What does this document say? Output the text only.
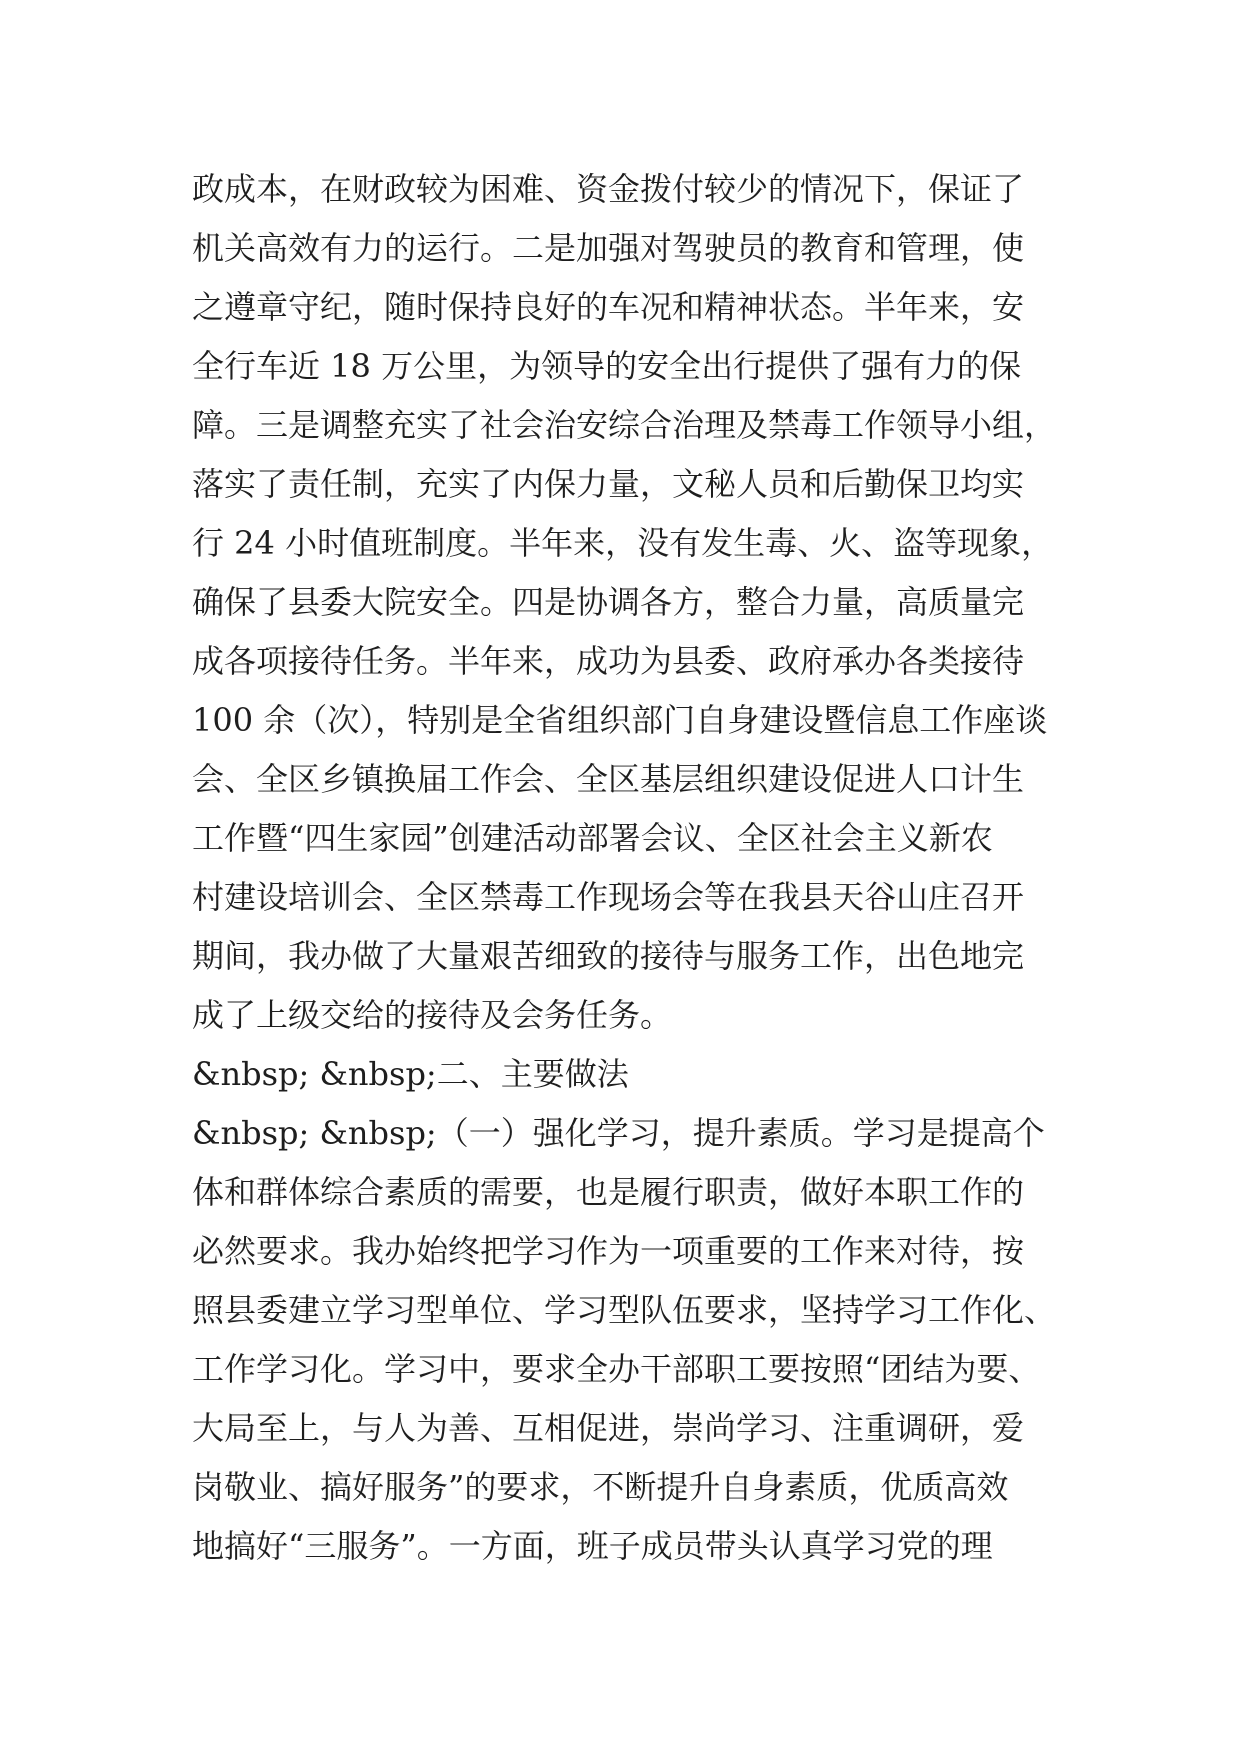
政成本，在财政较为困难、资金拨付较少的情况下，保证了
机关高效有力的运行。二是加强对驾驶员的教育和管理，使
之遵章守纪，随时保持良好的车况和精神状态。半年来，安
全行车近 18 万公里，为领导的安全出行提供了强有力的保
障。三是调整充实了社会治安综合治理及禁毒工作领导小组，
落实了责任制，充实了内保力量，文秘人员和后勤保卫均实
行 24 小时值班制度。半年来，没有发生毒、火、盗等现象，
确保了县委大院安全。四是协调各方，整合力量，高质量完
成各项接待任务。半年来，成功为县委、政府承办各类接待
100 余（次），特别是全省组织部门自身建设暨信息工作座谈
会、全区乡镇换届工作会、全区基层组织建设促进人口计生
工作暨“四生家园”创建活动部署会议、全区社会主义新农
村建设培训会、全区禁毒工作现场会等在我县天谷山庄召开
期间，我办做了大量艰苦细致的接待与服务工作，出色地完
成了上级交给的接待及会务任务。
&nbsp; &nbsp;二、主要做法
&nbsp; &nbsp;（一）强化学习，提升素质。学习是提高个
体和群体综合素质的需要，也是履行职责，做好本职工作的
必然要求。我办始终把学习作为一项重要的工作来对待，按
照县委建立学习型单位、学习型队伍要求，坚持学习工作化、
工作学习化。学习中，要求全办干部职工要按照“团结为要、
大局至上，与人为善、互相促进，崇尚学习、注重调研，爱
岗敬业、搞好服务”的要求，不断提升自身素质，优质高效
地搞好“三服务”。一方面，班子成员带头认真学习党的理
